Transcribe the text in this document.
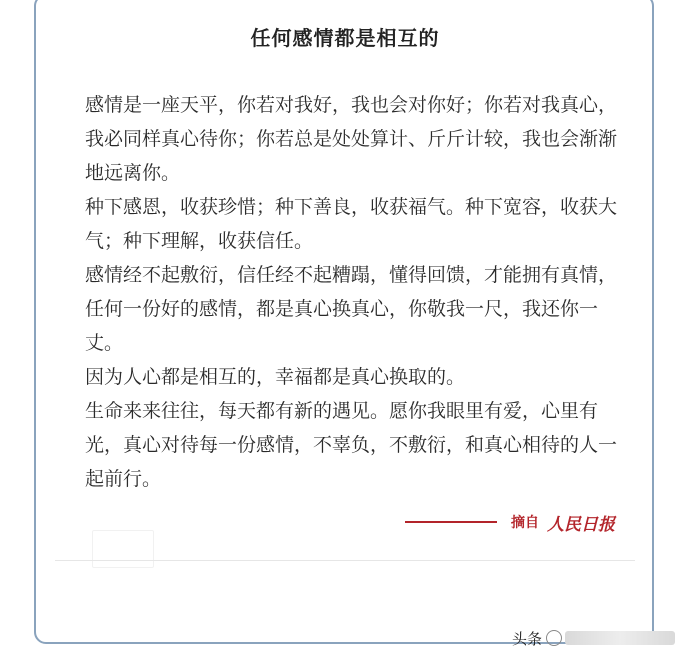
任何感情都是相互的

感情是一座天平，你若对我好，我也会对你好；你若对我真心，我必同样真心待你；你若总是处处算计、斤斤计较，我也会渐渐地远离你。

种下感恩，收获珍惜；种下善良，收获福气。种下宽容，收获大气；种下理解，收获信任。

感情经不起敷衍，信任经不起糟蹋，懂得回馈，才能拥有真情，任何一份好的感情，都是真心换真心，你敬我一尺，我还你一丈。

因为人心都是相互的，幸福都是真心换取的。

生命来来往往，每天都有新的遇见。愿你我眼里有爱，心里有光，真心对待每一份感情，不辜负，不敷衍，和真心相待的人一起前行。

摘自 人民日报
头条
